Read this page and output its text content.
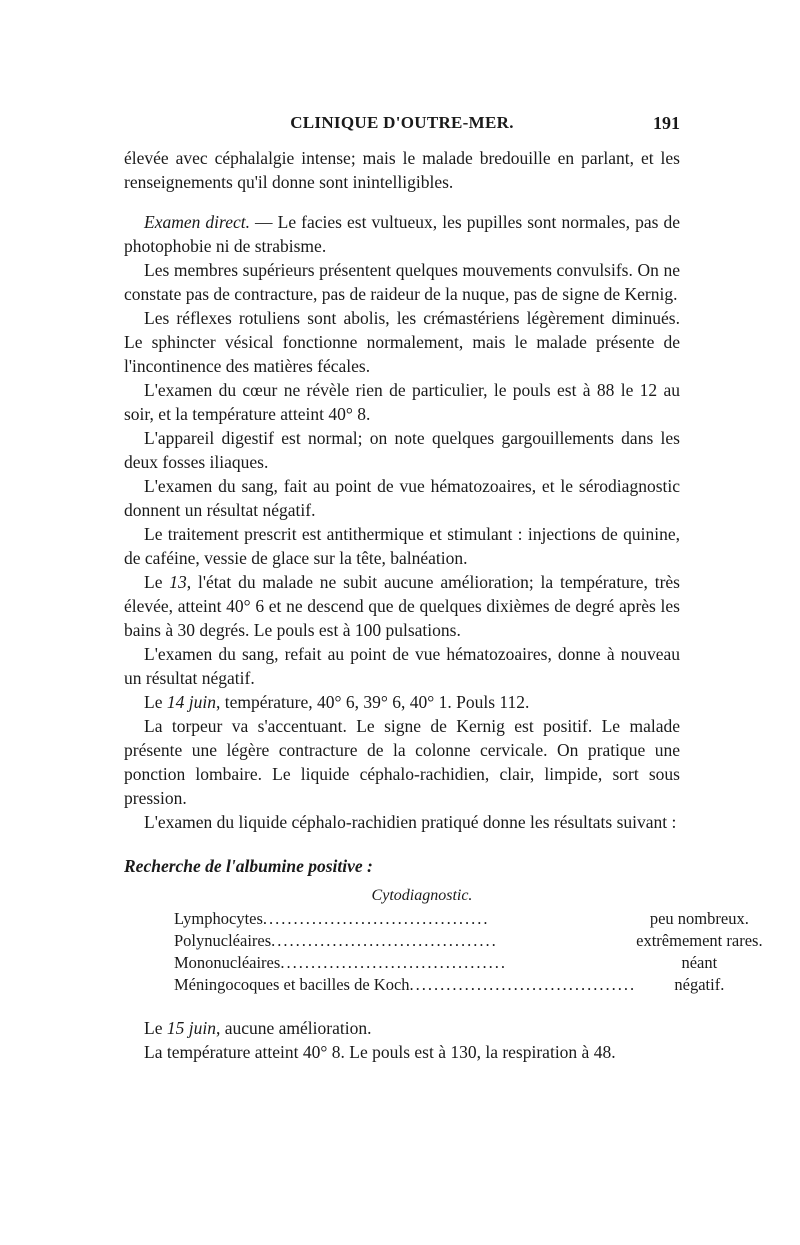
CLINIQUE D'OUTRE-MER.	191

élevée avec céphalalgie intense; mais le malade bredouille en parlant, et les renseignements qu'il donne sont inintelligibles.

Examen direct. — Le facies est vultueux, les pupilles sont normales, pas de photophobie ni de strabisme.

Les membres supérieurs présentent quelques mouvements convulsifs. On ne constate pas de contracture, pas de raideur de la nuque, pas de signe de Kernig.

Les réflexes rotuliens sont abolis, les crémastériens légèrement diminués. Le sphincter vésical fonctionne normalement, mais le malade présente de l'incontinence des matières fécales.

L'examen du cœur ne révèle rien de particulier, le pouls est à 88 le 12 au soir, et la température atteint 40° 8.

L'appareil digestif est normal; on note quelques gargouillements dans les deux fosses iliaques.

L'examen du sang, fait au point de vue hématozoaires, et le sérodiagnostic donnent un résultat négatif.

Le traitement prescrit est antithermique et stimulant : injections de quinine, de caféine, vessie de glace sur la tête, balnéation.

Le 13, l'état du malade ne subit aucune amélioration; la température, très élevée, atteint 40° 6 et ne descend que de quelques dixièmes de degré après les bains à 30 degrés. Le pouls est à 100 pulsations.

L'examen du sang, refait au point de vue hématozoaires, donne à nouveau un résultat négatif.

Le 14 juin, température, 40° 6, 39° 6, 40° 1. Pouls 112.

La torpeur va s'accentuant. Le signe de Kernig est positif. Le malade présente une légère contracture de la colonne cervicale. On pratique une ponction lombaire. Le liquide céphalo-rachidien, clair, limpide, sort sous pression.

L'examen du liquide céphalo-rachidien pratiqué donne les résultats suivant :

Recherche de l'albumine positive :

Cytodiagnostic.
Lymphocytes.....................................	peu nombreux.
Polynucléaires.....................................	extrêmement rares.
Mononucléaires.....................................	néant
Méningocoques et bacilles de Koch.....................................	négatif.

Le 15 juin, aucune amélioration.

La température atteint 40° 8. Le pouls est à 130, la respiration à 48.
